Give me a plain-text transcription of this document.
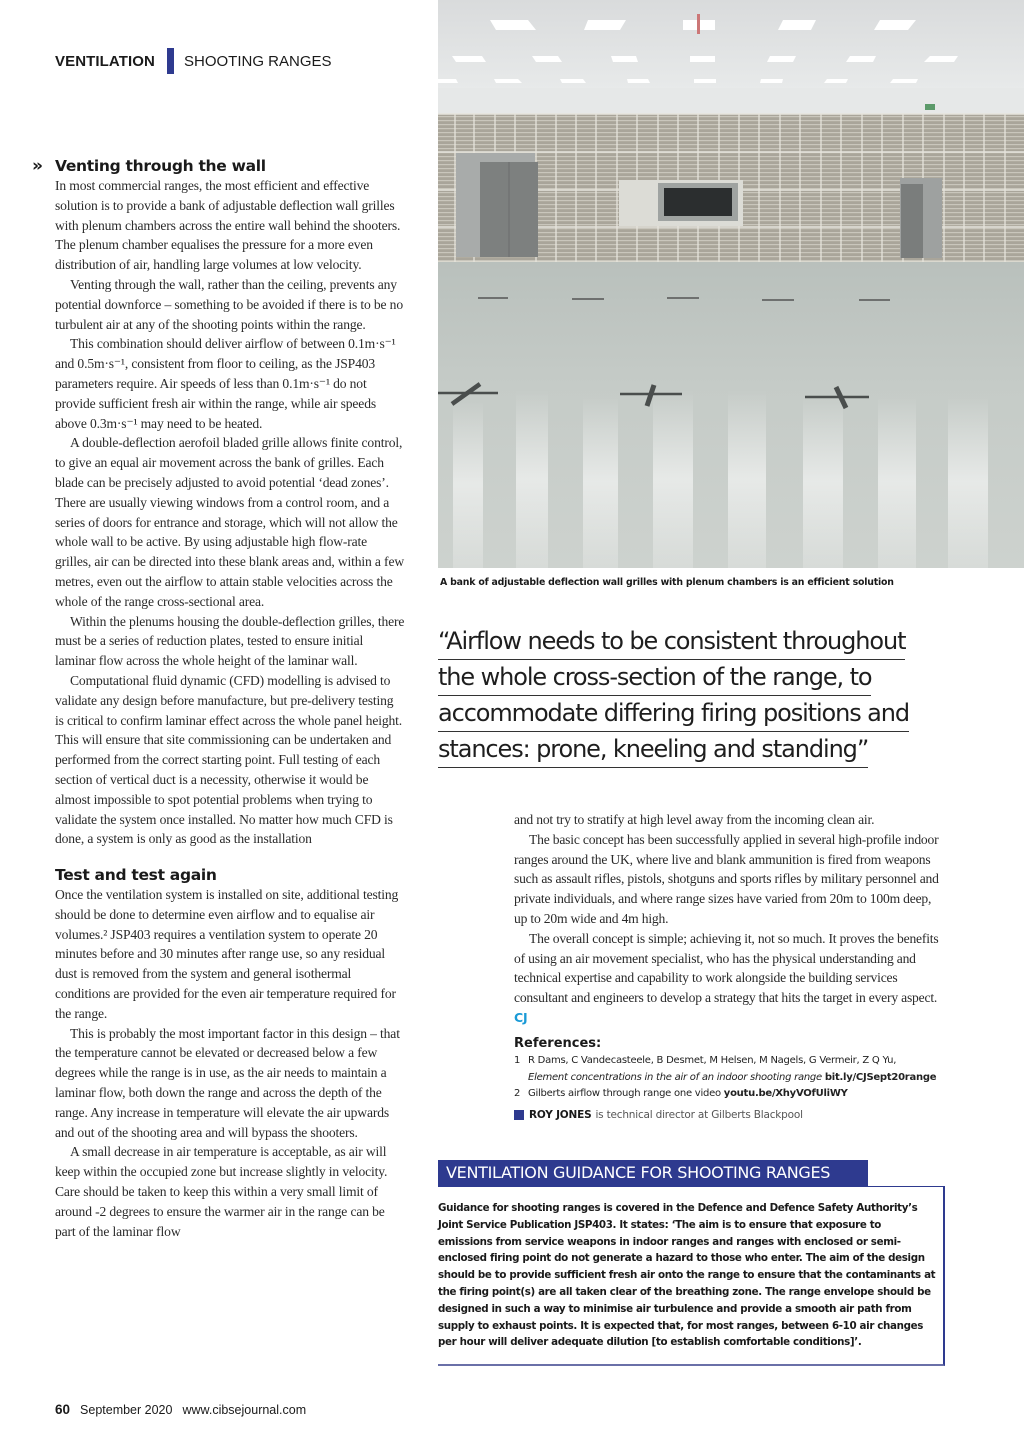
VENTILATION SHOOTING RANGES
» Venting through the wall

In most commercial ranges, the most efficient and effective solution is to provide a bank of adjustable deflection wall grilles with plenum chambers across the entire wall behind the shooters. The plenum chamber equalises the pressure for a more even distribution of air, handling large volumes at low velocity.

Venting through the wall, rather than the ceiling, prevents any potential downforce – something to be avoided if there is to be no turbulent air at any of the shooting points within the range.

This combination should deliver airflow of between 0.1m·s⁻¹ and 0.5m·s⁻¹, consistent from floor to ceiling, as the JSP403 parameters require. Air speeds of less than 0.1m·s⁻¹ do not provide sufficient fresh air within the range, while air speeds above 0.3m·s⁻¹ may need to be heated.

A double-deflection aerofoil bladed grille allows finite control, to give an equal air movement across the bank of grilles. Each blade can be precisely adjusted to avoid potential ‘dead zones’. There are usually viewing windows from a control room, and a series of doors for entrance and storage, which will not allow the whole wall to be active. By using adjustable high flow-rate grilles, air can be directed into these blank areas and, within a few metres, even out the airflow to attain stable velocities across the whole of the range cross-sectional area.

Within the plenums housing the double-deflection grilles, there must be a series of reduction plates, tested to ensure initial laminar flow across the whole height of the laminar wall.

Computational fluid dynamic (CFD) modelling is advised to validate any design before manufacture, but pre-delivery testing is critical to confirm laminar effect across the whole panel height. This will ensure that site commissioning can be undertaken and performed from the correct starting point. Full testing of each section of vertical duct is a necessity, otherwise it would be almost impossible to spot potential problems when trying to validate the system once installed. No matter how much CFD is done, a system is only as good as the installation

Test and test again

Once the ventilation system is installed on site, additional testing should be done to determine even airflow and to equalise air volumes.² JSP403 requires a ventilation system to operate 20 minutes before and 30 minutes after range use, so any residual dust is removed from the system and general isothermal conditions are provided for the even air temperature required for the range.

This is probably the most important factor in this design – that the temperature cannot be elevated or decreased below a few degrees while the range is in use, as the air needs to maintain a laminar flow, both down the range and across the depth of the range. Any increase in temperature will elevate the air upwards and out of the shooting area and will bypass the shooters.

A small decrease in air temperature is acceptable, as air will keep within the occupied zone but increase slightly in velocity. Care should be taken to keep this within a very small limit of around -2 degrees to ensure the warmer air in the range can be part of the laminar flow

A bank of adjustable deflection wall grilles with plenum chambers is an efficient solution
“Airflow needs to be consistent throughout
the whole cross-section of the range, to
accommodate differing firing positions and
stances: prone, kneeling and standing”

and not try to stratify at high level away from the incoming clean air.

The basic concept has been successfully applied in several high-profile indoor ranges around the UK, where live and blank ammunition is fired from weapons such as assault rifles, pistols, shotguns and sports rifles by military personnel and private individuals, and where range sizes have varied from 20m to 100m deep, up to 20m wide and 4m high.

The overall concept is simple; achieving it, not so much. It proves the benefits of using an air movement specialist, who has the physical understanding and technical expertise and capability to work alongside the building services consultant and engineers to develop a strategy that hits the target in every aspect. CJ

References:
1 R Dams, C Vandecasteele, B Desmet, M Helsen, M Nagels, G Vermeir, Z Q Yu,
Element concentrations in the air of an indoor shooting range bit.ly/CJSept20range
2 Gilberts airflow through range one video youtu.be/XhyVOfUliWY
ROY JONES is technical director at Gilberts Blackpool
VENTILATION GUIDANCE FOR SHOOTING RANGES
Guidance for shooting ranges is covered in the Defence and Defence Safety Authority’s Joint Service Publication JSP403. It states: ‘The aim is to ensure that exposure to emissions from service weapons in indoor ranges and ranges with enclosed or semi-enclosed firing point do not generate a hazard to those who enter. The aim of the design should be to provide sufficient fresh air onto the range to ensure that the contaminants at the firing point(s) are all taken clear of the breathing zone. The range envelope should be designed in such a way to minimise air turbulence and provide a smooth air path from supply to exhaust points. It is expected that, for most ranges, between 6-10 air changes per hour will deliver adequate dilution [to establish comfortable conditions]’.
60 September 2020 www.cibsejournal.com
